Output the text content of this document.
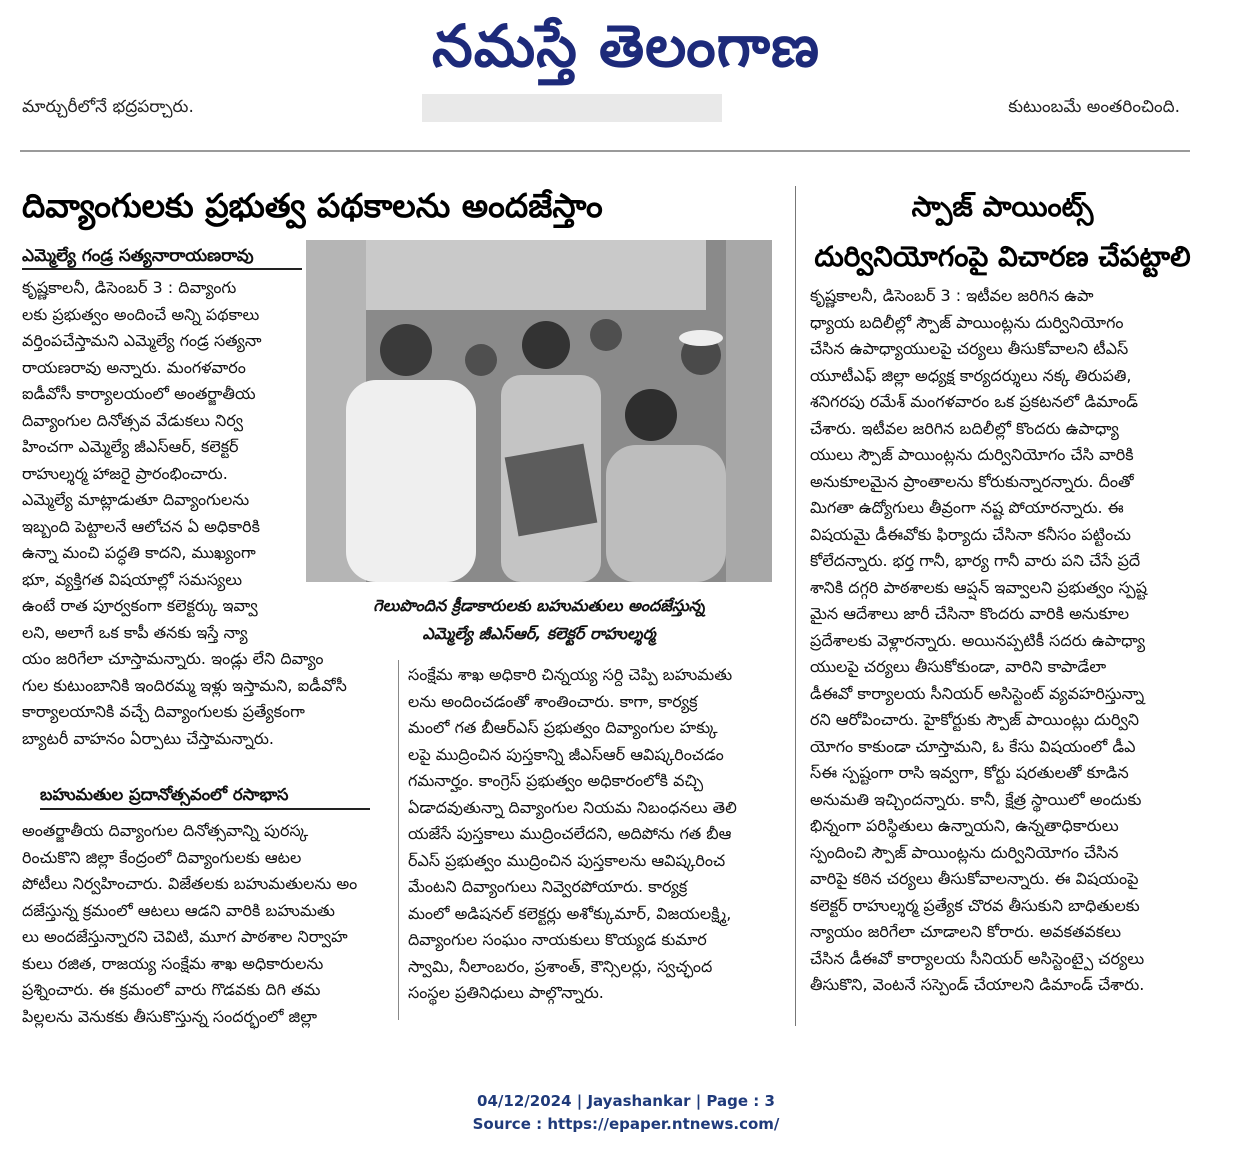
నమస్తే తెలంగాణ
మార్చురీలోనే భద్రపర్చారు.	కుటుంబమే అంతరించింది.
దివ్యాంగులకు ప్రభుత్వ పథకాలను అందజేస్తాం
ఎమ్మెల్యే గండ్ర సత్యనారాయణరావు

కృష్ణకాలనీ, డిసెంబర్ 3 : దివ్యాంగు

లకు ప్రభుత్వం అందించే అన్ని పథకాలు

వర్తింపచేస్తామని ఎమ్మెల్యే గండ్ర సత్యనా

రాయణరావు అన్నారు. మంగళవారం

ఐడీవోసీ కార్యాలయంలో అంతర్జాతీయ

దివ్యాంగుల దినోత్సవ వేడుకలు నిర్వ

హించగా ఎమ్మెల్యే జీఎస్ఆర్, కలెక్టర్

రాహుల్శర్మ హాజరై ప్రారంభించారు.

ఎమ్మెల్యే మాట్లాడుతూ దివ్యాంగులను

ఇబ్బంది పెట్టాలనే ఆలోచన ఏ అధికారికి

ఉన్నా మంచి పద్ధతి కాదని, ముఖ్యంగా

భూ, వ్యక్తిగత విషయాల్లో సమస్యలు

ఉంటే రాత పూర్వకంగా కలెక్టర్కు ఇవ్వా

లని, అలాగే ఒక కాపీ తనకు ఇస్తే న్యా

యం జరిగేలా చూస్తామన్నారు. ఇండ్లు లేని దివ్యాం

గుల కుటుంబానికి ఇందిరమ్మ ఇళ్లు ఇస్తామని, ఐడీవోసీ

కార్యాలయానికి వచ్చే దివ్యాంగులకు ప్రత్యేకంగా

బ్యాటరీ వాహనం ఏర్పాటు చేస్తామన్నారు.

గెలుపొందిన క్రీడాకారులకు బహుమతులు అందజేస్తున్న
ఎమ్మెల్యే జీఎస్ఆర్, కలెక్టర్ రాహుల్శర్మ
బహుమతుల ప్రదానోత్సవంలో రసాభాస

అంతర్జాతీయ దివ్యాంగుల దినోత్సవాన్ని పురస్క

రించుకొని జిల్లా కేంద్రంలో దివ్యాంగులకు ఆటల

పోటీలు నిర్వహించారు. విజేతలకు బహుమతులను అం

దజేస్తున్న క్రమంలో ఆటలు ఆడని వారికి బహుమతు

లు అందజేస్తున్నారని చెవిటి, మూగ పాఠశాల నిర్వాహ

కులు రజిత, రాజయ్య సంక్షేమ శాఖ అధికారులను

ప్రశ్నించారు. ఈ క్రమంలో వారు గొడవకు దిగి తమ

పిల్లలను వెనుకకు తీసుకొస్తున్న సందర్భంలో జిల్లా

సంక్షేమ శాఖ అధికారి చిన్నయ్య సర్ది చెప్పి బహుమతు

లను అందించడంతో శాంతించారు. కాగా, కార్యక్ర

మంలో గత బీఆర్ఎస్ ప్రభుత్వం దివ్యాంగుల హక్కు

లపై ముద్రించిన పుస్తకాన్ని జీఎస్ఆర్ ఆవిష్కరించడం

గమనార్హం. కాంగ్రెస్ ప్రభుత్వం అధికారంలోకి వచ్చి

ఏడాదవుతున్నా దివ్యాంగుల నియమ నిబంధనలు తెలి

యజేసే పుస్తకాలు ముద్రించలేదని, అదిపోను గత బీఆ

ర్ఎస్ ప్రభుత్వం ముద్రించిన పుస్తకాలను ఆవిష్కరించ

మేంటని దివ్యాంగులు నివ్వెరపోయారు. కార్యక్ర

మంలో అడిషనల్ కలెక్టర్లు అశోక్కుమార్, విజయలక్ష్మి,

దివ్యాంగుల సంఘం నాయకులు కొయ్యడ కుమార

స్వామి, నీలాంబరం, ప్రశాంత్, కౌన్సిలర్లు, స్వచ్ఛంద

సంస్థల ప్రతినిధులు పాల్గొన్నారు.

స్పాజ్ పాయింట్స్
దుర్వినియోగంపై విచారణ చేపట్టాలి

కృష్ణకాలనీ, డిసెంబర్ 3 : ఇటీవల జరిగిన ఉపా

ధ్యాయ బదిలీల్లో స్పౌజ్ పాయింట్లను దుర్వినియోగం

చేసిన ఉపాధ్యాయులపై చర్యలు తీసుకోవాలని టీఎస్

యూటీఎఫ్ జిల్లా అధ్యక్ష కార్యదర్శులు నక్క తిరుపతి,

శనిగరపు రమేశ్ మంగళవారం ఒక ప్రకటనలో డిమాండ్

చేశారు. ఇటీవల జరిగిన బదిలీల్లో కొందరు ఉపాధ్యా

యులు స్పౌజ్ పాయింట్లను దుర్వినియోగం చేసి వారికి

అనుకూలమైన ప్రాంతాలను కోరుకున్నారన్నారు. దీంతో

మిగతా ఉద్యోగులు తీవ్రంగా నష్ట పోయారన్నారు. ఈ

విషయమై డీఈవోకు ఫిర్యాదు చేసినా కనీసం పట్టించు

కోలేదన్నారు. భర్త గానీ, భార్య గానీ వారు పని చేసే ప్రదే

శానికి దగ్గరి పాఠశాలకు ఆప్షన్ ఇవ్వాలని ప్రభుత్వం స్పష్ట

మైన ఆదేశాలు జారీ చేసినా కొందరు వారికి అనుకూల

ప్రదేశాలకు వెళ్లారన్నారు. అయినప్పటికీ సదరు ఉపాధ్యా

యులపై చర్యలు తీసుకోకుండా, వారిని కాపాడేలా

డీఈవో కార్యాలయ సీనియర్ అసిస్టెంట్ వ్యవహరిస్తున్నా

రని ఆరోపించారు. హైకోర్టుకు స్పౌజ్ పాయింట్లు దుర్విని

యోగం కాకుండా చూస్తామని, ఓ కేసు విషయంలో డీఎ

స్ఈ స్పష్టంగా రాసి ఇవ్వగా, కోర్టు షరతులతో కూడిన

అనుమతి ఇచ్చిందన్నారు. కానీ, క్షేత్ర స్థాయిలో అందుకు

భిన్నంగా పరిస్థితులు ఉన్నాయని, ఉన్నతాధికారులు

స్పందించి స్పౌజ్ పాయింట్లను దుర్వినియోగం చేసిన

వారిపై కఠిన చర్యలు తీసుకోవాలన్నారు. ఈ విషయంపై

కలెక్టర్ రాహుల్శర్మ ప్రత్యేక చొరవ తీసుకుని బాధితులకు

న్యాయం జరిగేలా చూడాలని కోరారు. అవకతవకలు

చేసిన డీఈవో కార్యాలయ సీనియర్ అసిస్టెంట్పై చర్యలు

తీసుకొని, వెంటనే సస్పెండ్ చేయాలని డిమాండ్ చేశారు.

04/12/2024 | Jayashankar | Page : 3
Source : https://epaper.ntnews.com/
